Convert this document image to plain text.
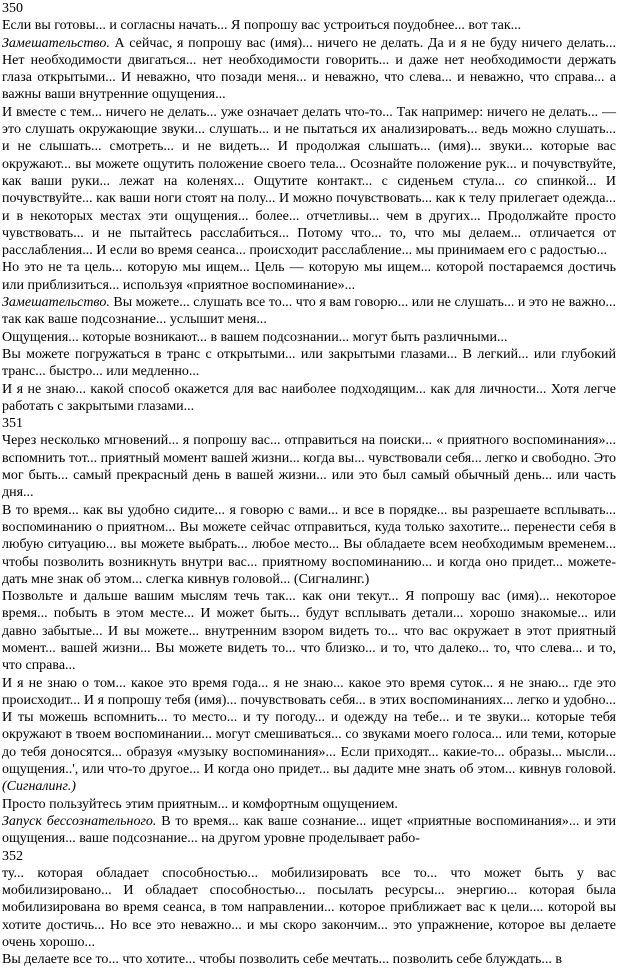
350

Если вы готовы... и согласны начать... Я попрошу вас устроиться поудобнее... вот так...

Замешательство. А сейчас, я попрошу вас (имя)... ничего не делать. Да и я не буду ничего делать... Нет необходимости двигаться... нет необходимости говорить... и даже нет необходимости держать глаза открытыми... И неважно, что позади меня... и неважно, что слева... и неважно, что справа... а важны ваши внутренние ощущения...

И вместе с тем... ничего не делать... уже означает делать что-то... Так например: ничего не делать... — это слушать окружающие звуки... слушать... и не пытаться их анализировать... ведь можно слушать... и не слышать... смотреть... и не видеть... И продолжая слышать... (имя)... звуки... которые вас окружают... вы можете ощутить положение своего тела... Осознайте положение рук... и почувствуйте, как ваши руки... лежат на коленях... Ощутите контакт... с сиденьем стула... со спинкой... И почувствуйте... как ваши ноги стоят на полу... И можно почувствовать... как к телу прилегает одежда... и в некоторых местах эти ощущения... более... отчетливы... чем в других... Продолжайте просто чувствовать... и не пытайтесь расслабиться... Потому что... то, что мы делаем... отличается от расслабления... И если во время сеанса... происходит расслабление... мы принимаем его с радостью...

Но это не та цель... которую мы ищем... Цель — которую мы ищем... которой постараемся достичь или приблизиться... используя «приятное воспоминание»...

Замешательство. Вы можете... слушать все то... что я вам говорю... или не слушать... и это не важно... так как ваше подсознание... услышит меня...

Ощущения... которые возникают... в вашем подсознании... могут быть различными...

Вы можете погружаться в транс с открытыми... или закрытыми глазами... В легкий... или глубокий транс... быстро... или медленно...

И я не знаю... какой способ окажется для вас наиболее подходящим... как для личности... Хотя легче работать с закрытыми глазами...

351

Через несколько мгновений... я попрошу вас... отправиться на поиски... « приятного воспоминания»... вспомнить тот... приятный момент вашей жизни... когда вы... чувствовали себя... легко и свободно. Это мог быть... самый прекрасный день в вашей жизни... или это был самый обычный день... или часть дня...

В то время... как вы удобно сидите... я говорю с вами... и все в порядке... вы разрешаете всплывать... воспоминанию о приятном... Вы можете сейчас отправиться, куда только захотите... перенести себя в любую ситуацию... вы можете выбрать... любое место... Вы обладаете всем необходимым временем... чтобы позволить возникнуть внутри вас... приятному воспоминанию... и когда оно придет... можете-дать мне знак об этом... слегка кивнув головой... (Сигналинг.)

Позвольте и дальше вашим мыслям течь так... как они текут... Я попрошу вас (имя)... некоторое время... побыть в этом месте... И может быть... будут всплывать детали... хорошо знакомые... или давно забытые... И вы можете... внутренним взором видеть то... что вас окружает в этот приятный момент... вашей жизни... Вы можете видеть то... что близко... и то, что далеко... то, что слева... и то, что справа...

И я не знаю о том... какое это время года... я не знаю... какое это время суток... я не знаю... где это происходит... И я попрошу тебя (имя)... почувствовать себя... в этих воспоминаниях... легко и удобно... И ты можешь вспомнить... то место... и ту погоду... и одежду на тебе... и те звуки... которые тебя окружают в твоем воспоминании... могут смешиваться... со звуками моего голоса... или теми, которые до тебя доносятся... образуя «музыку воспоминания»... Если приходят... какие-то... образы... мысли... ощущения..', или что-то другое... И когда оно придет... вы дадите мне знать об этом... кивнув головой. (Сигналинг.)

Просто пользуйтесь этим приятным... и комфортным ощущением.

Запуск бессознательного. В то время... как ваше сознание... ищет «приятные воспоминания»... и эти ощущения... ваше подсознание... на другом уровне проделывает рабо-

352

ту... которая обладает способностью... мобилизировать все то... что может быть у вас мобилизировано... И обладает способностью... посылать ресурсы... энергию... которая была мобилизирована во время сеанса, в том направлении... которое приближает вас к цели.... которой вы хотите достичь... Но все это неважно... и мы скоро закончим... это упражнение, которое вы делаете очень хорошо...

Вы делаете все то... что хотите... чтобы позволить себе мечтать... позволить себе блуждать... в
